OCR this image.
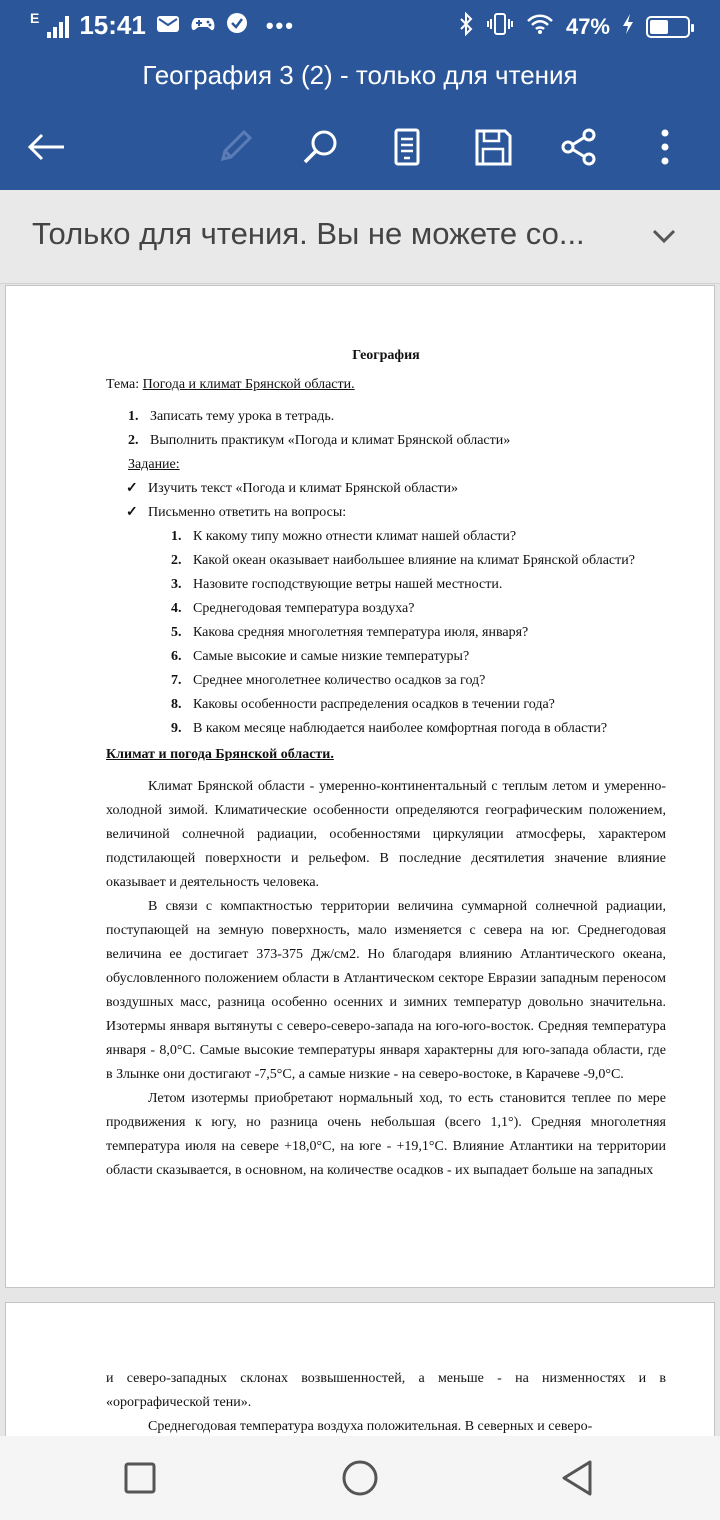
E 15:41	•••	47%
География 3 (2) - только для чтения
Только для чтения. Вы не можете со...
География
Тема: Погода и климат Брянской области.
1. Записать тему урока в тетрадь.
2. Выполнить практикум «Погода и климат Брянской области»
Задание:
✓ Изучить текст «Погода и климат Брянской области»
✓ Письменно ответить на вопросы:
1. К какому типу можно отнести климат нашей области?
2. Какой океан оказывает наибольшее влияние на климат Брянской области?
3. Назовите господствующие ветры нашей местности.
4. Среднегодовая температура воздуха?
5. Какова средняя многолетняя температура июля, января?
6. Самые высокие и самые низкие температуры?
7. Среднее многолетнее количество осадков за год?
8. Каковы особенности распределения осадков в течении года?
9. В каком месяце наблюдается наиболее комфортная погода в области?
Климат и погода Брянской области.

Климат Брянской области - умеренно-континентальный с теплым летом и умеренно-холодной зимой. Климатические особенности определяются географическим положением, величиной солнечной радиации, особенностями циркуляции атмосферы, характером подстилающей поверхности и рельефом. В последние десятилетия значение влияние оказывает и деятельность человека.

В связи с компактностью территории величина суммарной солнечной радиации, поступающей на земную поверхность, мало изменяется с севера на юг. Среднегодовая величина ее достигает 373-375 Дж/см2. Но благодаря влиянию Атлантического океана, обусловленного положением области в Атлантическом секторе Евразии западным переносом воздушных масс, разница особенно осенних и зимних температур довольно значительна. Изотермы января вытянуты с северо-северо-запада на юго-юго-восток. Средняя температура января - 8,0°С. Самые высокие температуры января характерны для юго-запада области, где в Злынке они достигают -7,5°С, а самые низкие - на северо-востоке, в Карачеве -9,0°С.

Летом изотермы приобретают нормальный ход, то есть становится теплее по мере продвижения к югу, но разница очень небольшая (всего 1,1°). Средняя многолетняя температура июля на севере +18,0°С, на юге - +19,1°С. Влияние Атлантики на территории области сказывается, в основном, на количестве осадков - их выпадает больше на западных

и северо-западных склонах возвышенностей, а меньше - на низменностях и в «орографической тени».

Среднегодовая температура воздуха положительная. В северных и северо-
